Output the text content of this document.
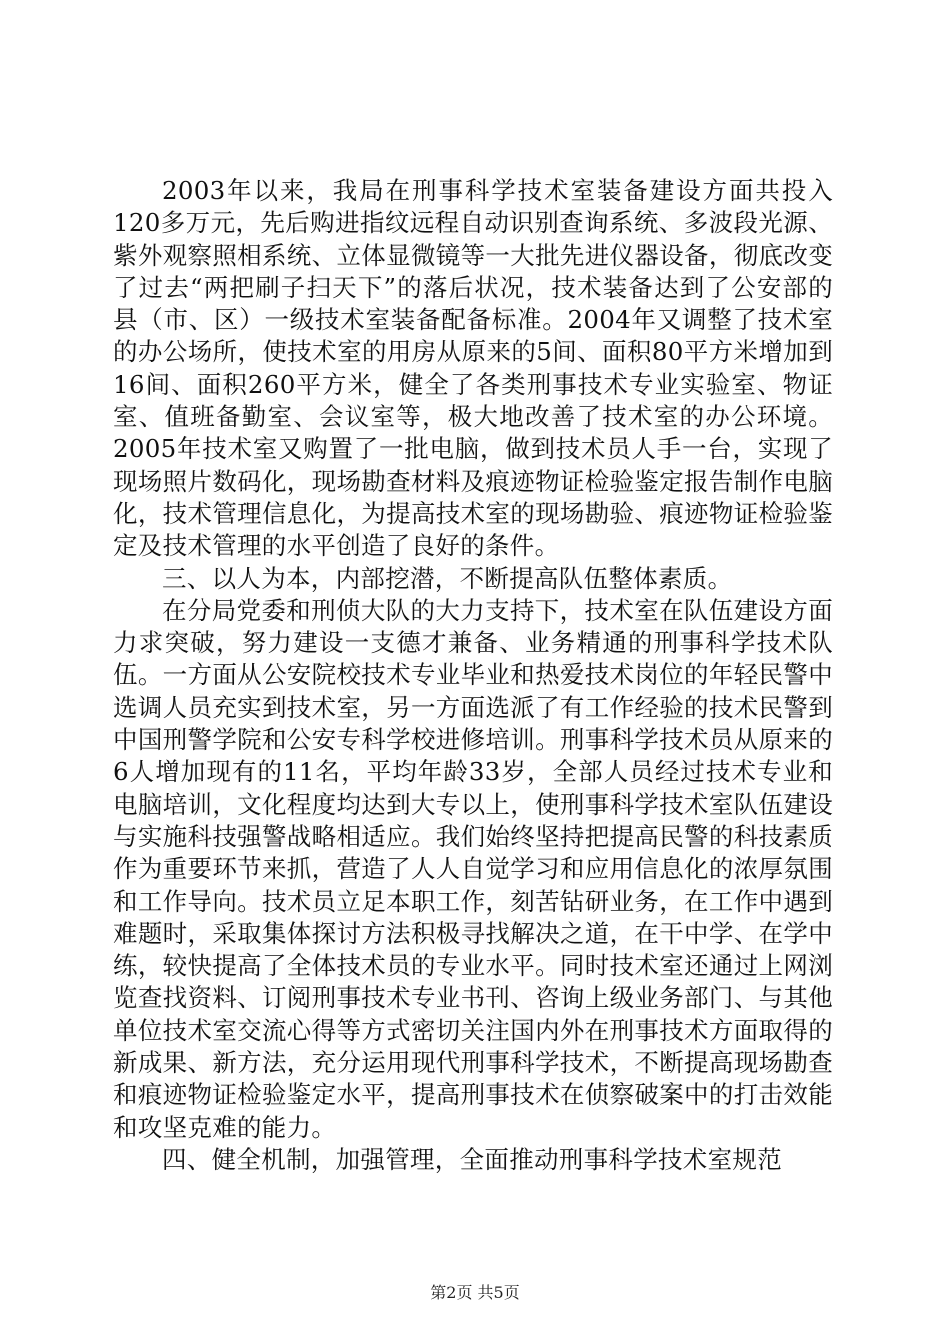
2003年以来，我局在刑事科学技术室装备建设方面共投入120多万元，先后购进指纹远程自动识别查询系统、多波段光源、紫外观察照相系统、立体显微镜等一大批先进仪器设备，彻底改变了过去“两把刷子扫天下”的落后状况，技术装备达到了公安部的县（市、区）一级技术室装备配备标准。2004年又调整了技术室的办公场所，使技术室的用房从原来的5间、面积80平方米增加到16间、面积260平方米，健全了各类刑事技术专业实验室、物证室、值班备勤室、会议室等，极大地改善了技术室的办公环境。2005年技术室又购置了一批电脑，做到技术员人手一台，实现了现场照片数码化，现场勘查材料及痕迹物证检验鉴定报告制作电脑化，技术管理信息化，为提高技术室的现场勘验、痕迹物证检验鉴定及技术管理的水平创造了良好的条件。

三、以人为本，内部挖潜，不断提高队伍整体素质。

在分局党委和刑侦大队的大力支持下，技术室在队伍建设方面力求突破，努力建设一支德才兼备、业务精通的刑事科学技术队伍。一方面从公安院校技术专业毕业和热爱技术岗位的年轻民警中选调人员充实到技术室，另一方面选派了有工作经验的技术民警到中国刑警学院和公安专科学校进修培训。刑事科学技术员从原来的6人增加现有的11名，平均年龄33岁，全部人员经过技术专业和电脑培训，文化程度均达到大专以上，使刑事科学技术室队伍建设与实施科技强警战略相适应。我们始终坚持把提高民警的科技素质作为重要环节来抓，营造了人人自觉学习和应用信息化的浓厚氛围和工作导向。技术员立足本职工作，刻苦钻研业务，在工作中遇到难题时，采取集体探讨方法积极寻找解决之道，在干中学、在学中练，较快提高了全体技术员的专业水平。同时技术室还通过上网浏览查找资料、订阅刑事技术专业书刊、咨询上级业务部门、与其他单位技术室交流心得等方式密切关注国内外在刑事技术方面取得的新成果、新方法，充分运用现代刑事科学技术，不断提高现场勘查和痕迹物证检验鉴定水平，提高刑事技术在侦察破案中的打击效能和攻坚克难的能力。

四、健全机制，加强管理，全面推动刑事科学技术室规范

第2页 共5页
